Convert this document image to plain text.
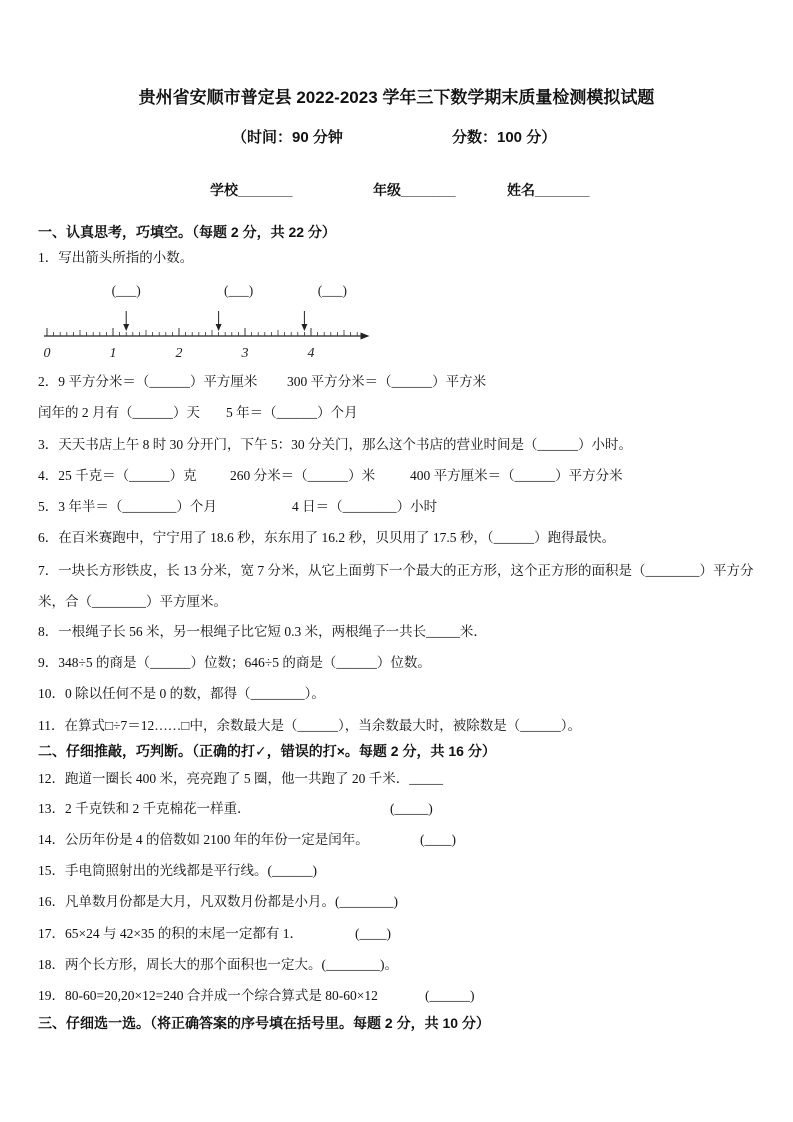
贵州省安顺市普定县 2022-2023 学年三下数学期末质量检测模拟试题
（时间：90 分钟	分数：100 分）
学校_______	年级_______	姓名_______
一、认真思考，巧填空。（每题 2 分，共 22 分）
1．写出箭头所指的小数。
0	1	2	3	4
(___)	(___)	(___)
2．9 平方分米＝（______）平方厘米 300 平方分米＝（______）平方米
闰年的 2 月有（______）天 5 年＝（______）个月
3．天天书店上午 8 时 30 分开门，下午 5：30 分关门，那么这个书店的营业时间是（______）小时。
4．25 千克＝（______）克 260 分米＝（______）米	400 平方厘米＝（______）平方分米
5．3 年半＝（________）个月	4 日＝（________）小时
6．在百米赛跑中，宁宁用了 18.6 秒，东东用了 16.2 秒，贝贝用了 17.5 秒，（______）跑得最快。
7．一块长方形铁皮，长 13 分米，宽 7 分米，从它上面剪下一个最大的正方形，这个正方形的面积是（________）平方分米，合（________）平方厘米。
8．一根绳子长 56 米，另一根绳子比它短 0.3 米，两根绳子一共长_____米．
9．348÷5 的商是（______）位数；646÷5 的商是（______）位数。
10．0 除以任何不是 0 的数，都得（________）。
11．在算式□÷7＝12……□中，余数最大是（______），当余数最大时，被除数是（______）。
二、仔细推敲，巧判断。（正确的打✓，错误的打×。每题 2 分，共 16 分）
12．跑道一圈长 400 米，亮亮跑了 5 圈，他一共跑了 20 千米．_____
13．2 千克铁和 2 千克棉花一样重．	(_____)
14．公历年份是 4 的倍数如 2100 年的年份一定是闰年。	(____)
15．手电筒照射出的光线都是平行线。(______)
16．凡单数月份都是大月，凡双数月份都是小月。(________)
17．65×24 与 42×35 的积的末尾一定都有 1．	(____)
18．两个长方形，周长大的那个面积也一定大。(________)。
19．80-60=20,20×12=240 合并成一个综合算式是 80-60×12	(______)
三、仔细选一选。（将正确答案的序号填在括号里。每题 2 分，共 10 分）
